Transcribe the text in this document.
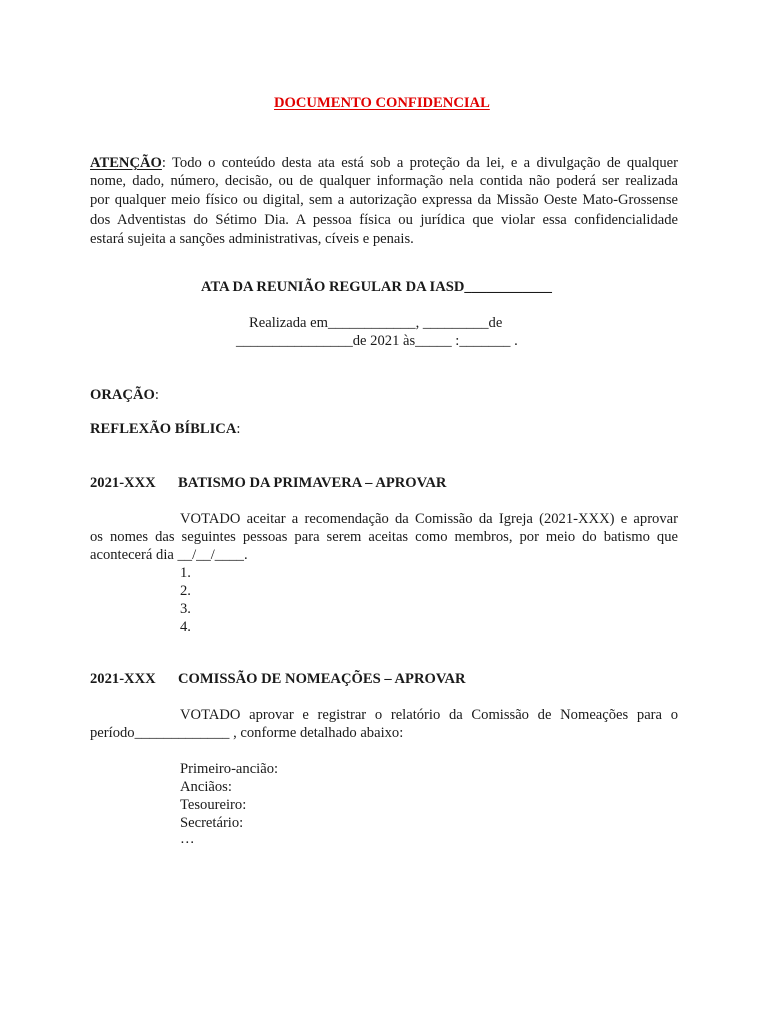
DOCUMENTO CONFIDENCIAL
ATENÇÃO: Todo o conteúdo desta ata está sob a proteção da lei, e a divulgação de qualquer
nome, dado, número, decisão, ou de qualquer informação nela contida não poderá ser realizada
por qualquer meio físico ou digital, sem a autorização expressa da Missão Oeste Mato-Grossense
dos Adventistas do Sétimo Dia. A pessoa física ou jurídica que violar essa confidencialidade
estará sujeita a sanções administrativas, cíveis e penais.
ATA DA REUNIÃO REGULAR DA IASD____________
Realizada em____________, _________de
________________de 2021 às_____ :_______ .
ORAÇÃO:
REFLEXÃO BÍBLICA:
2021-XXX BATISMO DA PRIMAVERA – APROVAR
VOTADO aceitar a recomendação da Comissão da Igreja (2021-XXX) e aprovar
os nomes das seguintes pessoas para serem aceitas como membros, por meio do batismo que
acontecerá dia __/__/____.
1.
2.
3.
4.
2021-XXX COMISSÃO DE NOMEAÇÕES – APROVAR
VOTADO aprovar e registrar o relatório da Comissão de Nomeações para o
período_____________ , conforme detalhado abaixo:
Primeiro-ancião:
Anciãos:
Tesoureiro:
Secretário:
…
